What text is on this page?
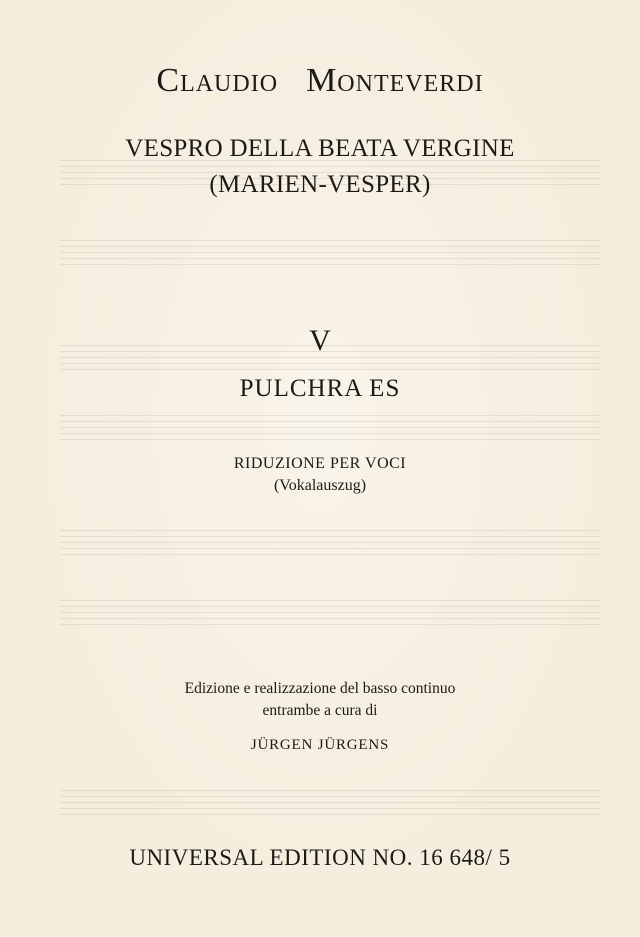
Claudio Monteverdi
VESPRO DELLA BEATA VERGINE
(MARIEN-VESPER)
V
PULCHRA ES
RIDUZIONE PER VOCI
(Vokalauszug)
Edizione e realizzazione del basso continuo
entrambe a cura di
JÜRGEN JÜRGENS
UNIVERSAL EDITION NO. 16 648/ 5
